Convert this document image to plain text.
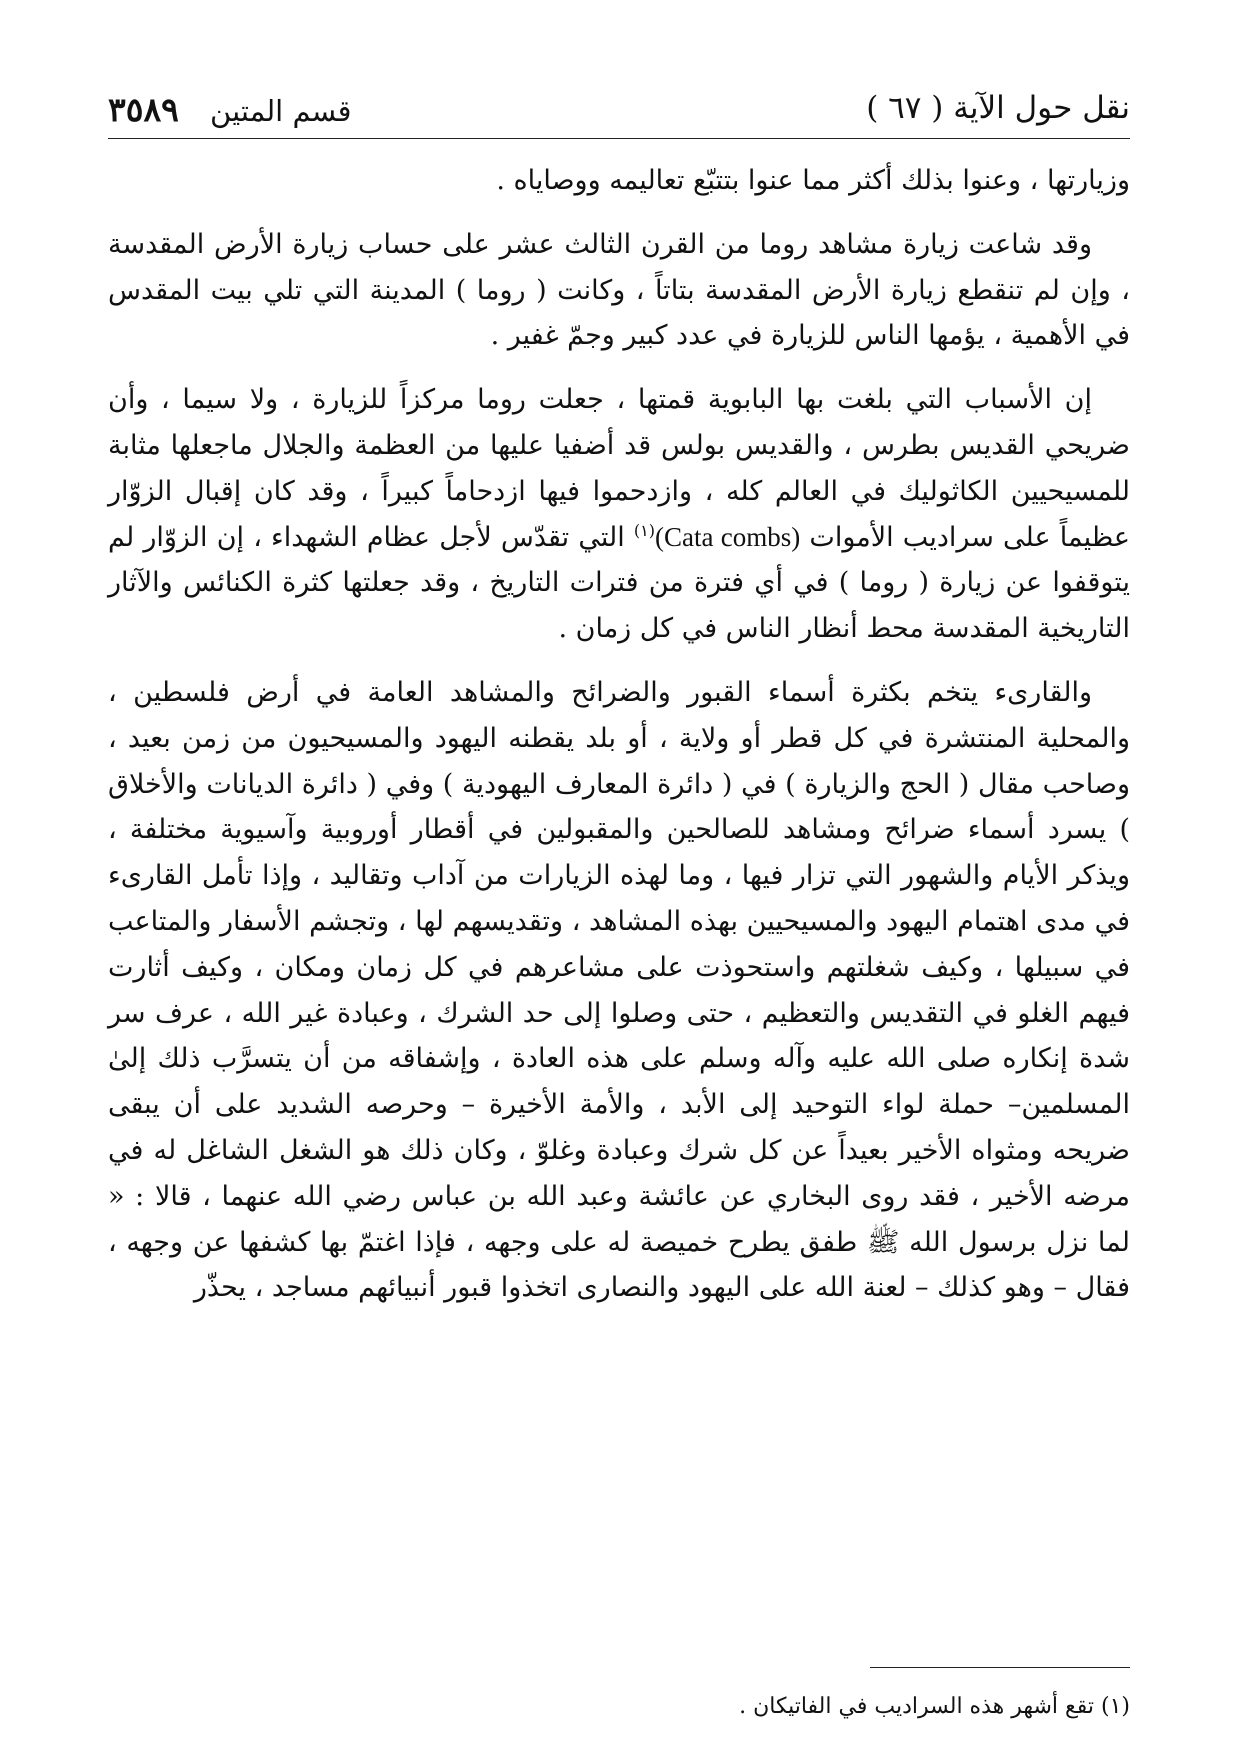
نقل حول الآية ( ٦٧ )
قسم المتين ٣٥٨٩

وزيارتها ، وعنوا بذلك أكثر مما عنوا بتتبّع تعاليمه ووصاياه .

وقد شاعت زيارة مشاهد روما من القرن الثالث عشر على حساب زيارة الأرض المقدسة ، وإن لم تنقطع زيارة الأرض المقدسة بتاتاً ، وكانت ( روما ) المدينة التي تلي بيت المقدس في الأهمية ، يؤمها الناس للزيارة في عدد كبير وجمّ غفير .

إن الأسباب التي بلغت بها البابوية قمتها ، جعلت روما مركزاً للزيارة ، ولا سيما ، وأن ضريحي القديس بطرس ، والقديس بولس قد أضفيا عليها من العظمة والجلال ماجعلها مثابة للمسيحيين الكاثوليك في العالم كله ، وازدحموا فيها ازدحاماً كبيراً ، وقد كان إقبال الزوّار عظيماً على سراديب الأموات (Cata combs)$^{(١)}$ التي تقدّس لأجل عظام الشهداء ، إن الزوّار لم يتوقفوا عن زيارة ( روما ) في أي فترة من فترات التاريخ ، وقد جعلتها كثرة الكنائس والآثار التاريخية المقدسة محط أنظار الناس في كل زمان .

والقارىء يتخم بكثرة أسماء القبور والضرائح والمشاهد العامة في أرض فلسطين ، والمحلية المنتشرة في كل قطر أو ولاية ، أو بلد يقطنه اليهود والمسيحيون من زمن بعيد ، وصاحب مقال ( الحج والزيارة ) في ( دائرة المعارف اليهودية ) وفي ( دائرة الديانات والأخلاق ) يسرد أسماء ضرائح ومشاهد للصالحين والمقبولين في أقطار أوروبية وآسيوية مختلفة ، ويذكر الأيام والشهور التي تزار فيها ، وما لهذه الزيارات من آداب وتقاليد ، وإذا تأمل القارىء في مدى اهتمام اليهود والمسيحيين بهذه المشاهد ، وتقديسهم لها ، وتجشم الأسفار والمتاعب في سبيلها ، وكيف شغلتهم واستحوذت على مشاعرهم في كل زمان ومكان ، وكيف أثارت فيهم الغلو في التقديس والتعظيم ، حتى وصلوا إلى حد الشرك ، وعبادة غير الله ، عرف سر شدة إنكاره صلى الله عليه وآله وسلم على هذه العادة ، وإشفاقه من أن يتسرَّب ذلك إلىٰ المسلمين– حملة لواء التوحيد إلى الأبد ، والأمة الأخيرة – وحرصه الشديد على أن يبقى ضريحه ومثواه الأخير بعيداً عن كل شرك وعبادة وغلوّ ، وكان ذلك هو الشغل الشاغل له في مرضه الأخير ، فقد روى البخاري عن عائشة وعبد الله بن عباس رضي الله عنهما ، قالا : « لما نزل برسول الله ﷺ طفق يطرح خميصة له على وجهه ، فإذا اغتمّ بها كشفها عن وجهه ، فقال – وهو كذلك – لعنة الله على اليهود والنصارى اتخذوا قبور أنبيائهم مساجد ، يحذّر

(١) تقع أشهر هذه السراديب في الفاتيكان .
